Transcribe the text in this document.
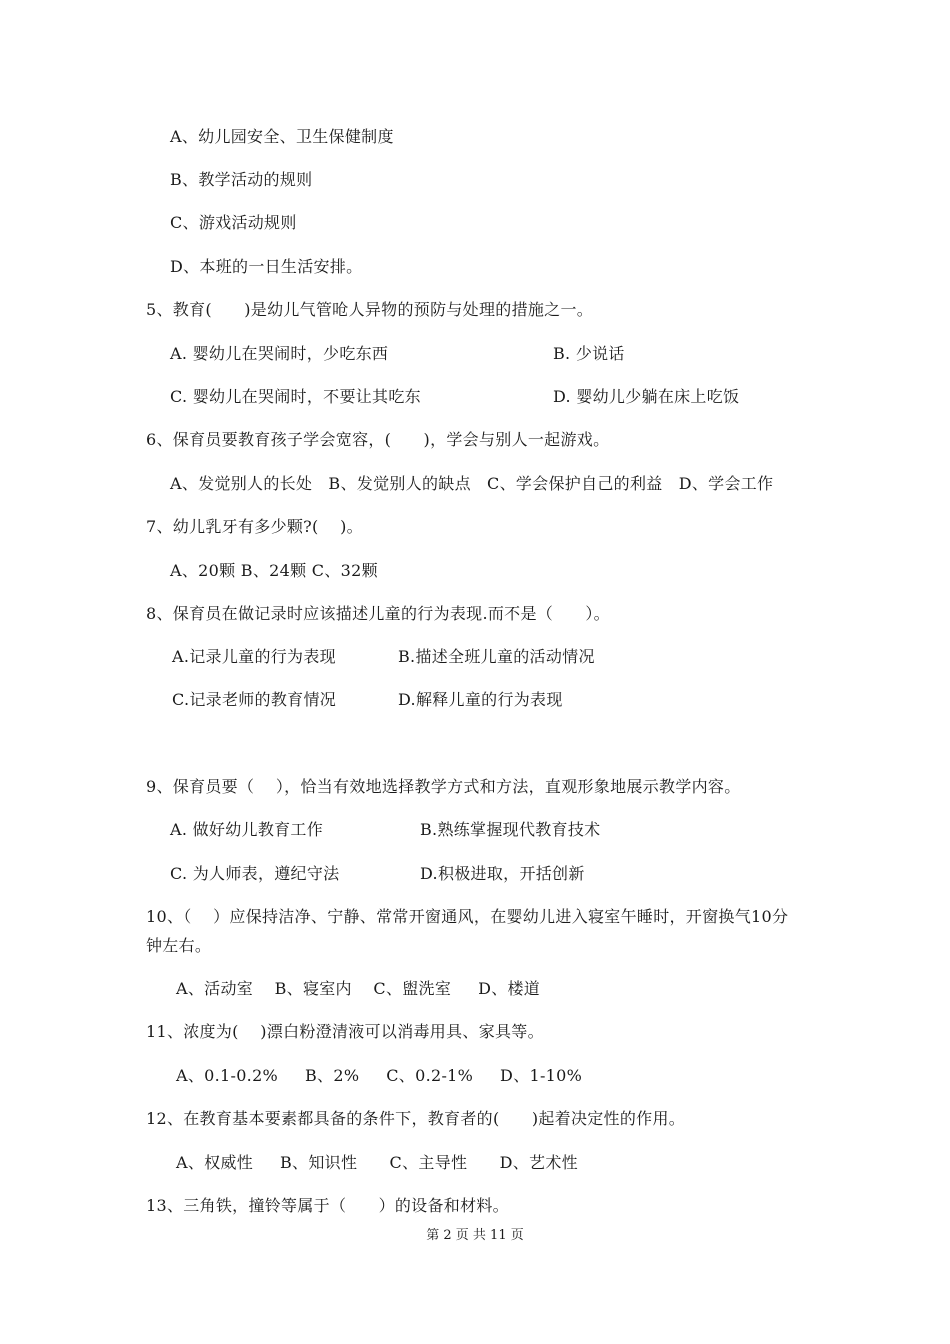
A、幼儿园安全、卫生保健制度
B、教学活动的规则
C、游戏活动规则
D、本班的一日生活安排。
5、教育(      )是幼儿气管呛人异物的预防与处理的措施之一。
A. 婴幼儿在哭闹时，少吃东西	B. 少说话
C. 婴幼儿在哭闹时，不要让其吃东	D. 婴幼儿少躺在床上吃饭
6、保育员要教育孩子学会宽容，(      )，学会与别人一起游戏。
A、发觉别人的长处   B、发觉别人的缺点   C、学会保护自己的利益   D、学会工作
7、幼儿乳牙有多少颗?(    )。
A、20颗 B、24颗 C、32颗
8、保育员在做记录时应该描述儿童的行为表现.而不是（      ）。
A.记录儿童的行为表现	B.描述全班儿童的活动情况
C.记录老师的教育情况	D.解释儿童的行为表现
9、保育员要（    ），恰当有效地选择教学方式和方法，直观形象地展示教学内容。
A. 做好幼儿教育工作	B.熟练掌握现代教育技术
C. 为人师表，遵纪守法	D.积极进取，开括创新
10、（    ）应保持洁净、宁静、常常开窗通风，在婴幼儿进入寝室午睡时，开窗换气10分
钟左右。
A、活动室    B、寝室内    C、盥洗室     D、楼道
11、浓度为(    )漂白粉澄清液可以消毒用具、家具等。
A、0.1-0.2%     B、2%     C、0.2-1%     D、1-10%
12、在教育基本要素都具备的条件下，教育者的(      )起着决定性的作用。
A、权威性     B、知识性      C、主导性      D、艺术性
13、三角铁，撞铃等属于（      ）的设备和材料。
第 2 页 共 11 页
